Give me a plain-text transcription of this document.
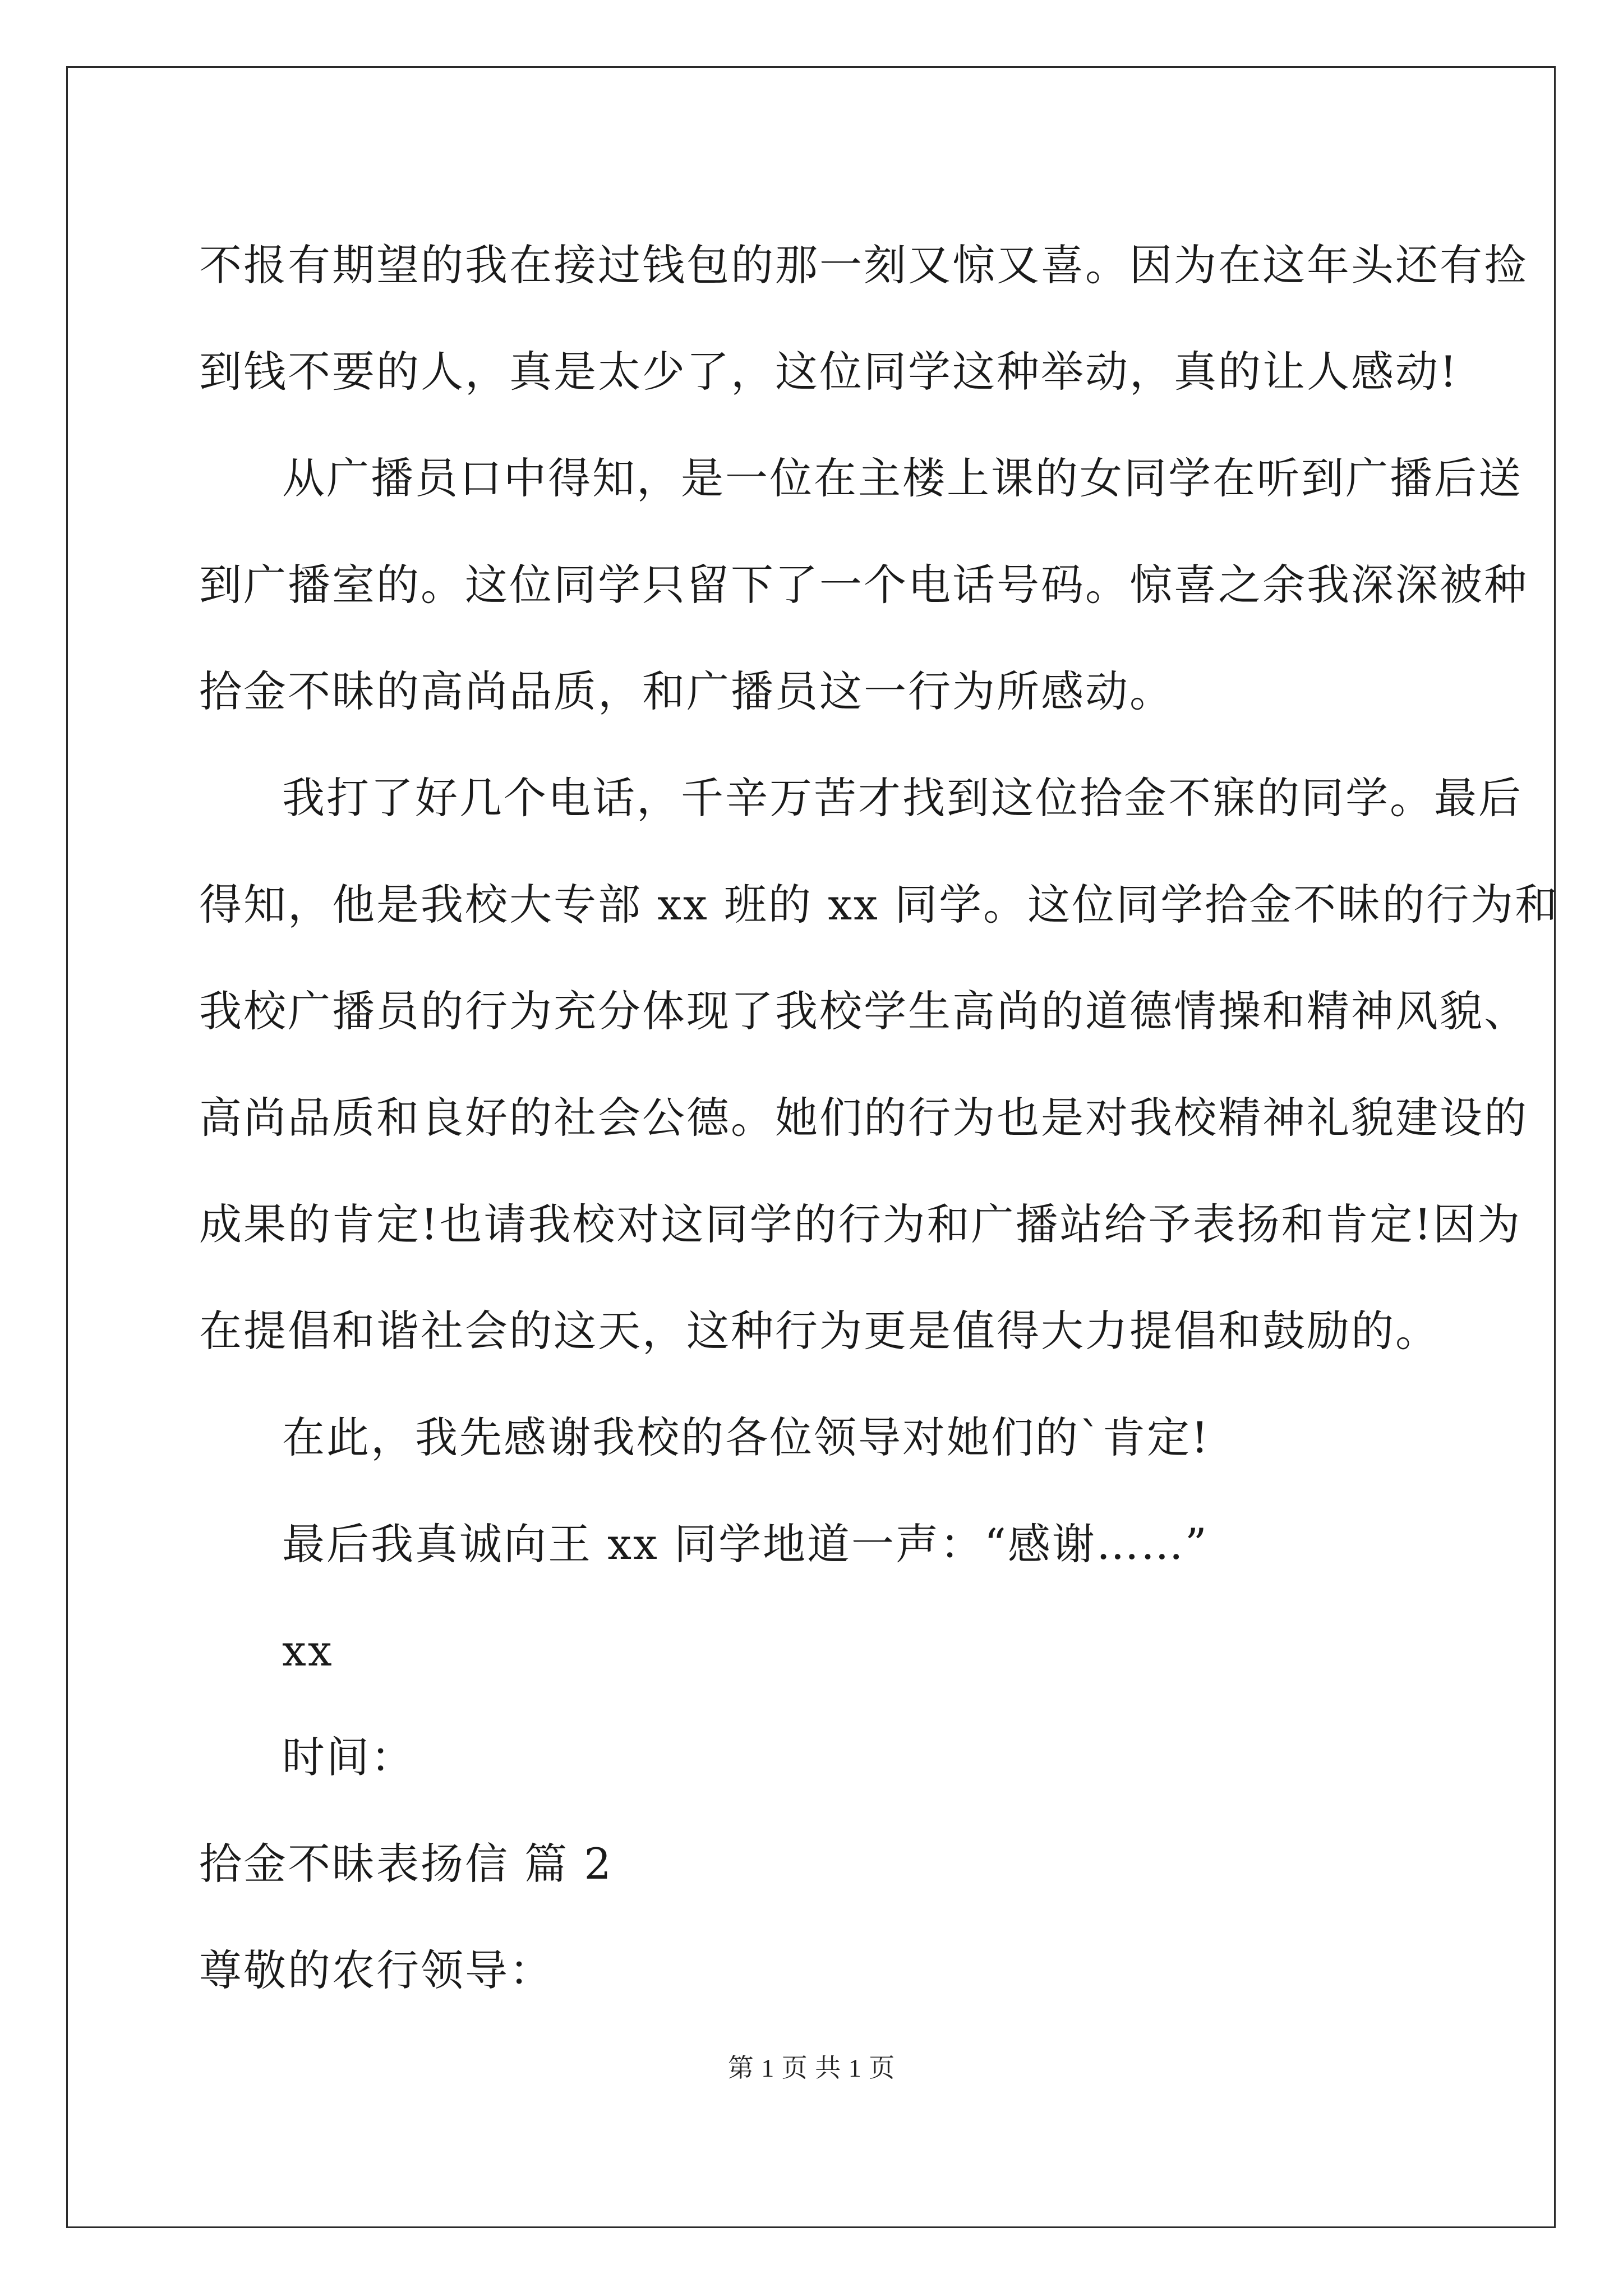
不报有期望的我在接过钱包的那一刻又惊又喜。因为在这年头还有捡
到钱不要的人，真是太少了，这位同学这种举动，真的让人感动!
从广播员口中得知，是一位在主楼上课的女同学在听到广播后送
到广播室的。这位同学只留下了一个电话号码。惊喜之余我深深被种
拾金不昧的高尚品质，和广播员这一行为所感动。
我打了好几个电话，千辛万苦才找到这位拾金不寐的同学。最后
得知，他是我校大专部 xx 班的 xx 同学。这位同学拾金不昧的行为和
我校广播员的行为充分体现了我校学生高尚的道德情操和精神风貌、
高尚品质和良好的社会公德。她们的行为也是对我校精神礼貌建设的
成果的肯定!也请我校对这同学的行为和广播站给予表扬和肯定!因为
在提倡和谐社会的这天，这种行为更是值得大力提倡和鼓励的。
在此，我先感谢我校的各位领导对她们的`肯定!
最后我真诚向王 xx 同学地道一声：“感谢……”
xx
时间：
拾金不昧表扬信 篇 2
尊敬的农行领导：
第 1 页 共 1 页
